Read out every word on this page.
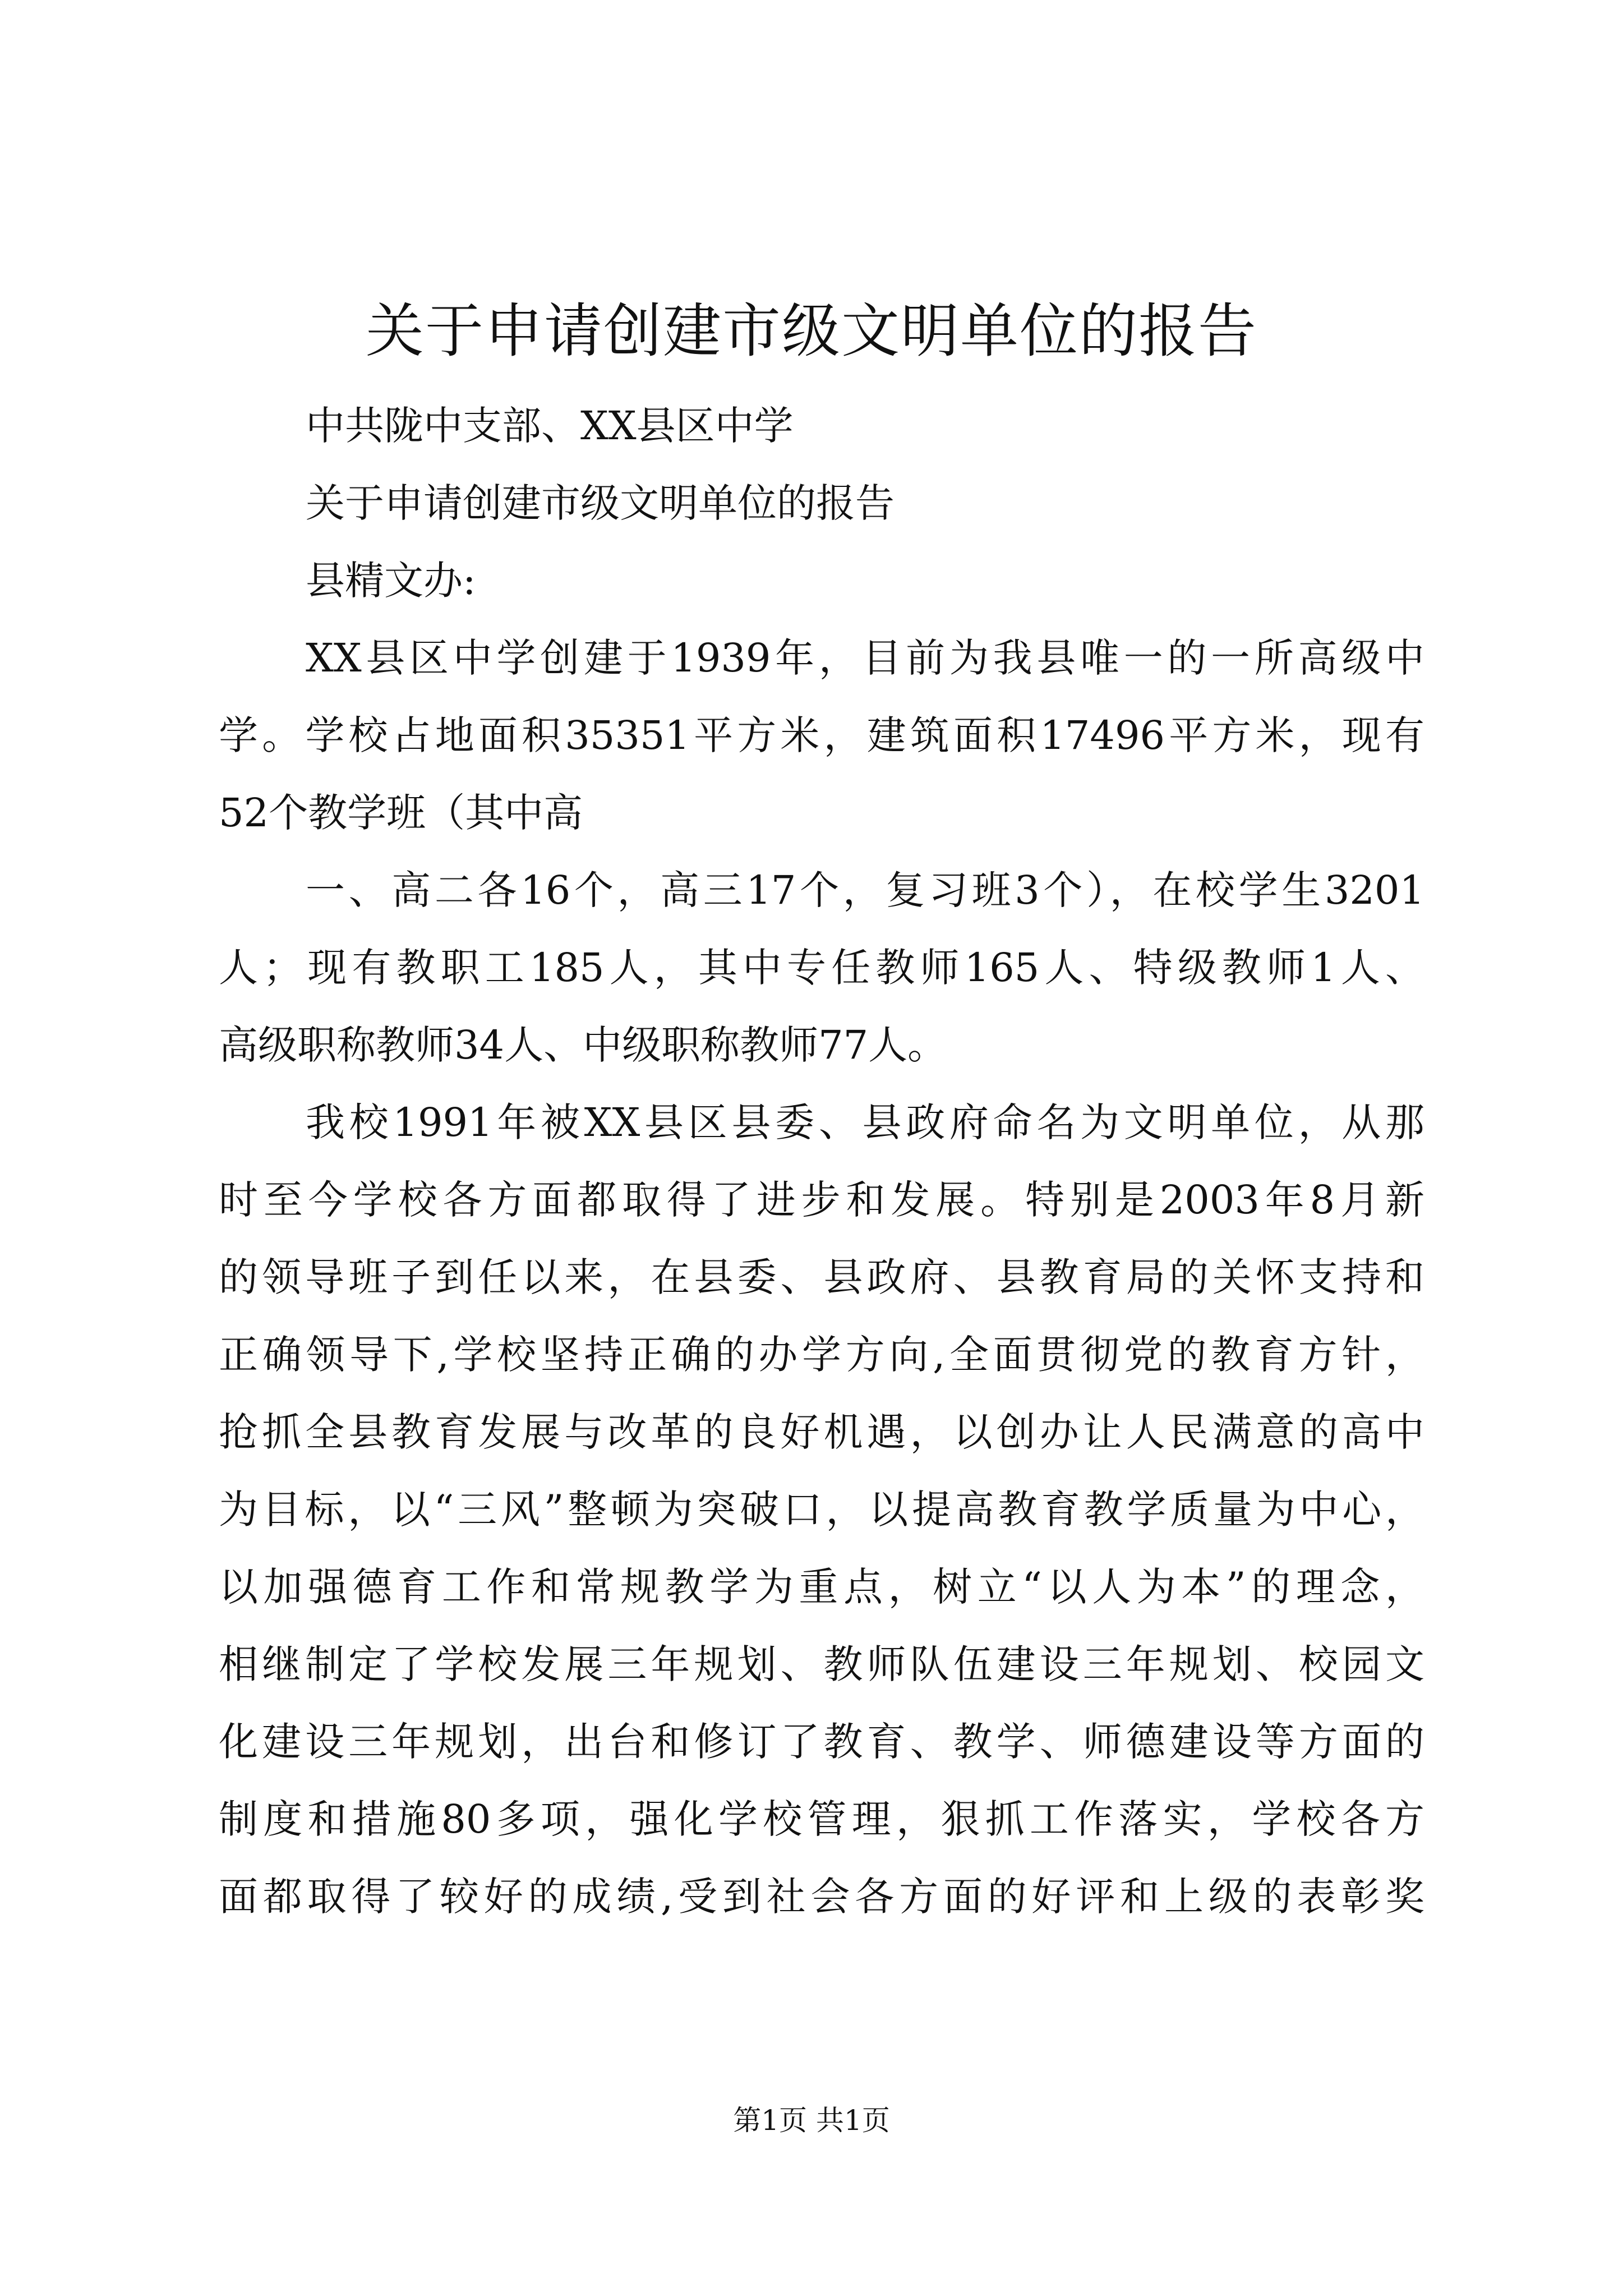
关于申请创建市级文明单位的报告

中共陇中支部、XX县区中学

关于申请创建市级文明单位的报告

县精文办:

XX县区中学创建于1939年，目前为我县唯一的一所高级中

学。学校占地面积35351平方米，建筑面积17496平方米，现有

52个教学班（其中高

一、高二各16个，高三17个，复习班3个），在校学生3201

人；现有教职工185人，其中专任教师165人、特级教师1人、

高级职称教师34人、中级职称教师77人。

我校1991年被XX县区县委、县政府命名为文明单位，从那

时至今学校各方面都取得了进步和发展。特别是2003年8月新

的领导班子到任以来，在县委、县政府、县教育局的关怀支持和

正确领导下,学校坚持正确的办学方向,全面贯彻党的教育方针，

抢抓全县教育发展与改革的良好机遇，以创办让人民满意的高中

为目标，以“三风”整顿为突破口，以提高教育教学质量为中心，

以加强德育工作和常规教学为重点，树立“以人为本”的理念，

相继制定了学校发展三年规划、教师队伍建设三年规划、校园文

化建设三年规划，出台和修订了教育、教学、师德建设等方面的

制度和措施80多项，强化学校管理，狠抓工作落实，学校各方

面都取得了较好的成绩,受到社会各方面的好评和上级的表彰奖

第1页 共1页
